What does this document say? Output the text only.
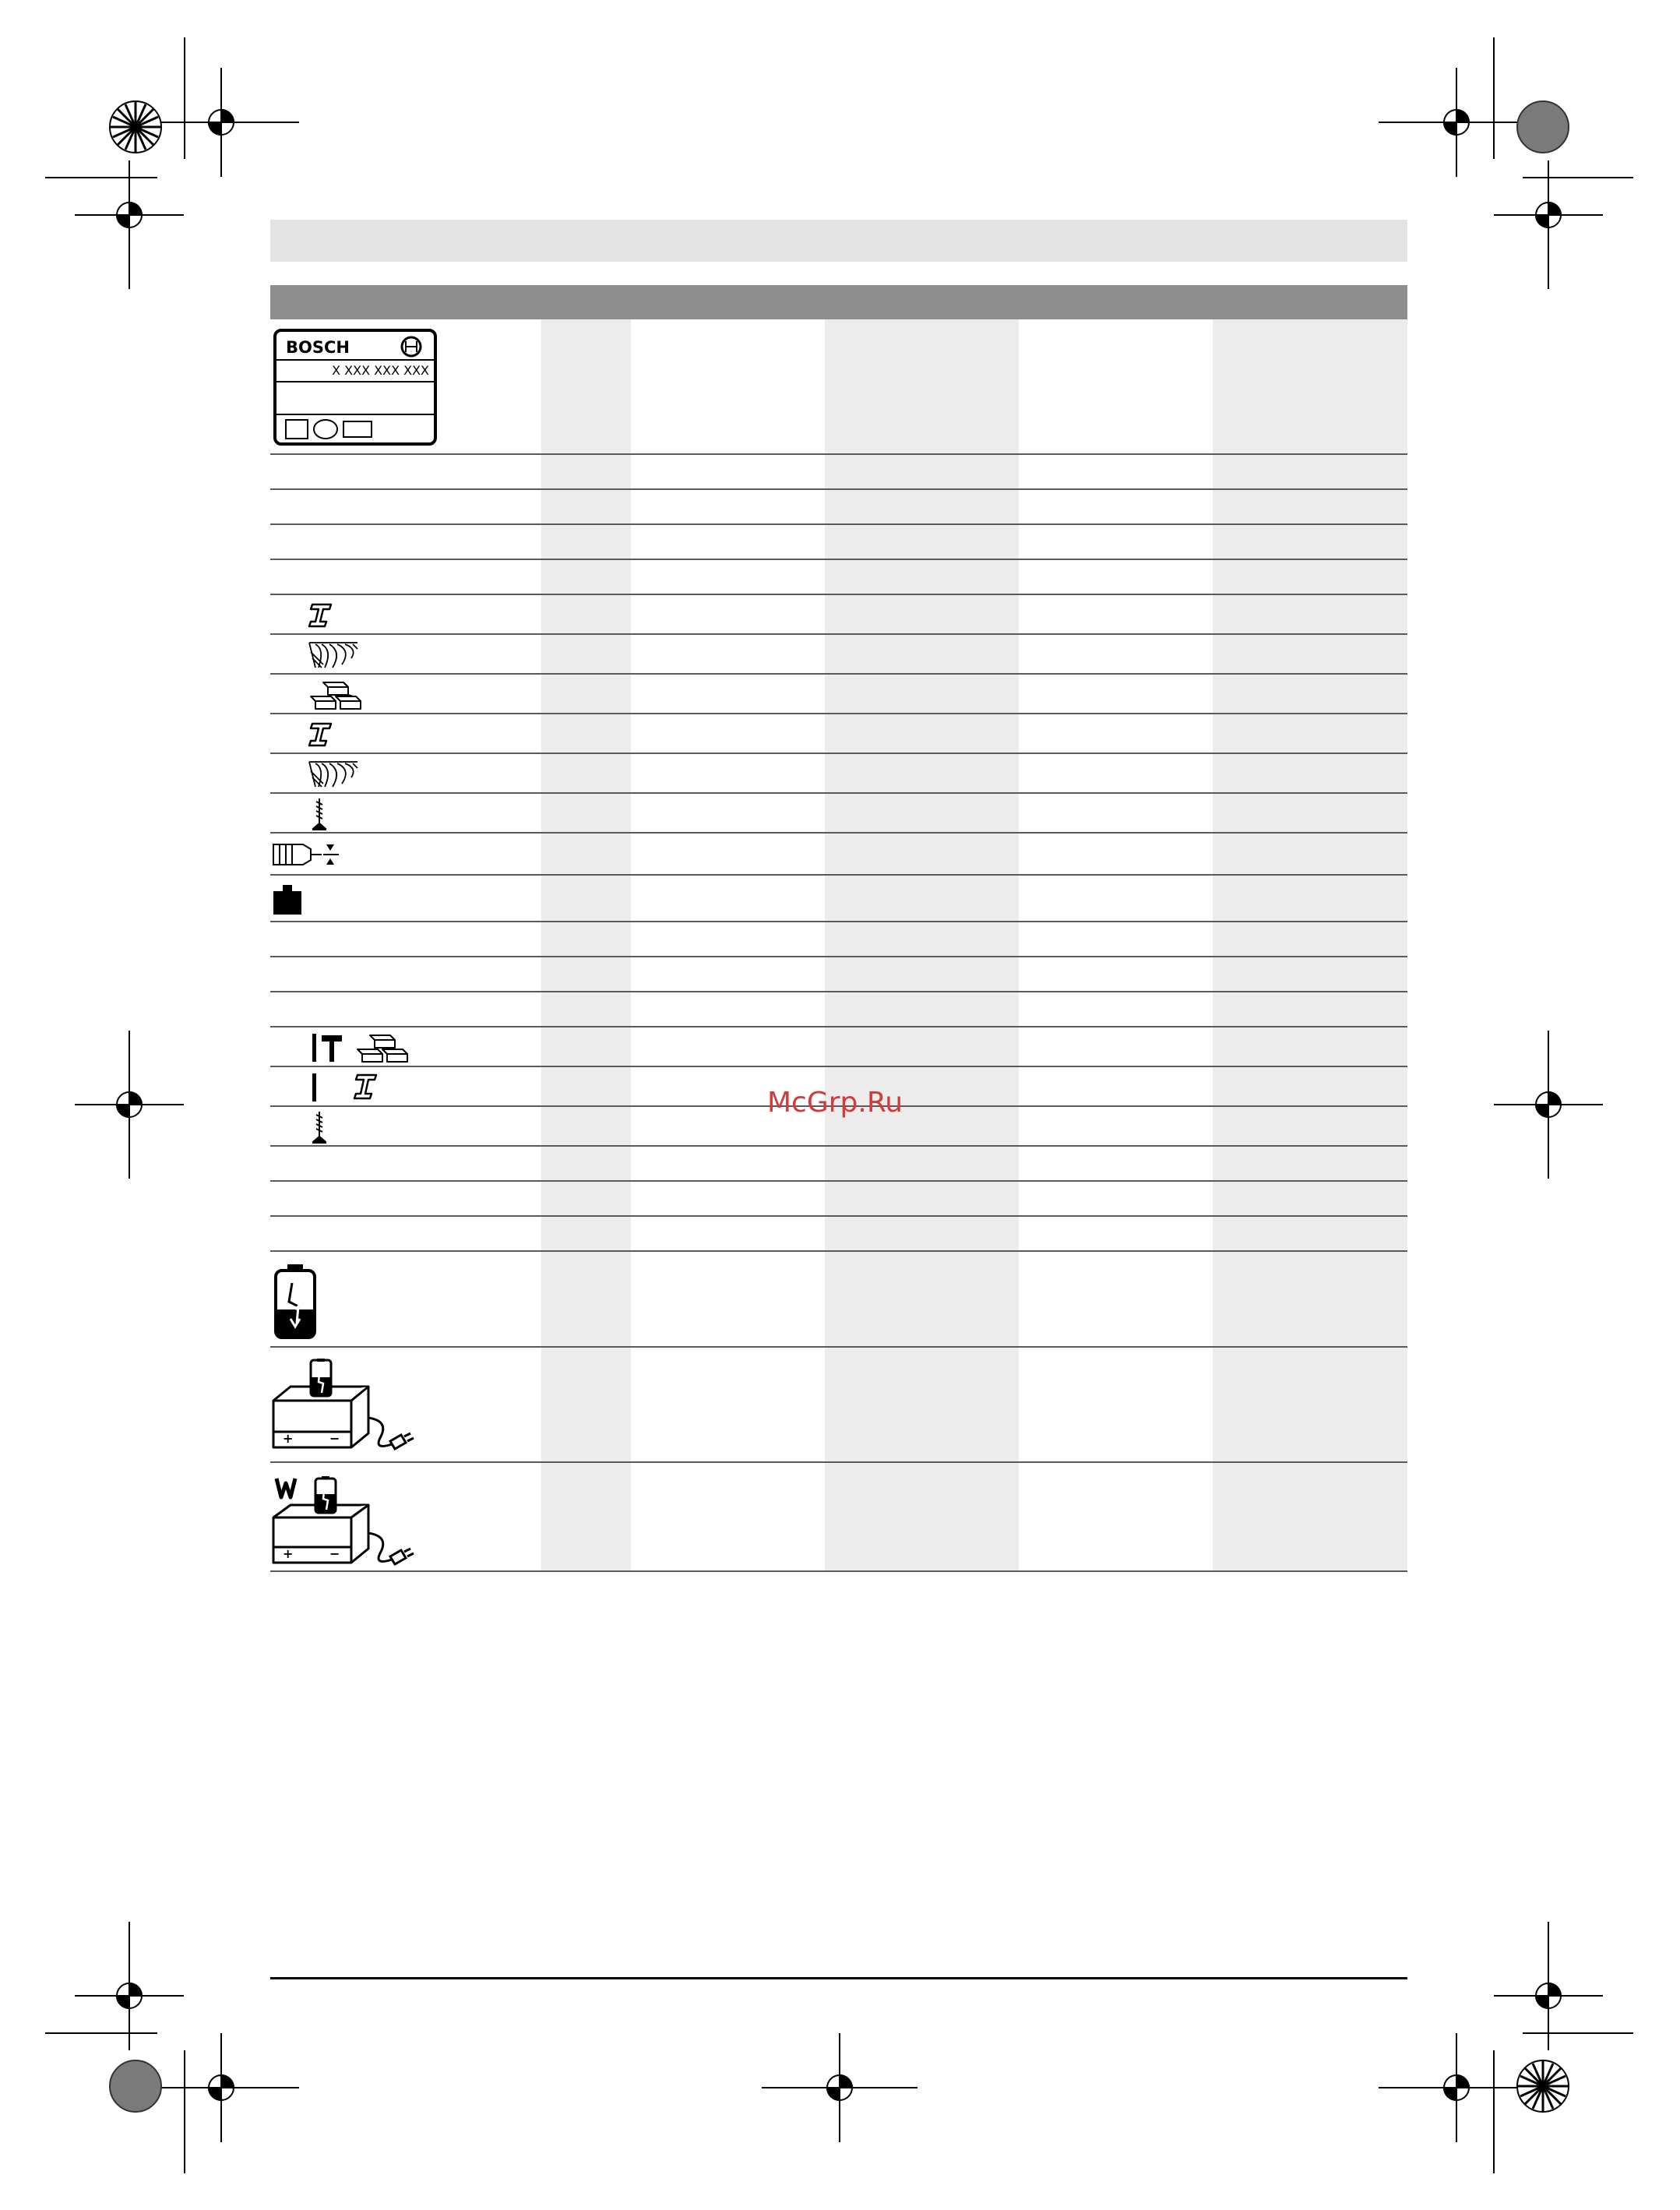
BOSCH
X XXX XXX XXX
+	−
+	−
McGrp.Ru
